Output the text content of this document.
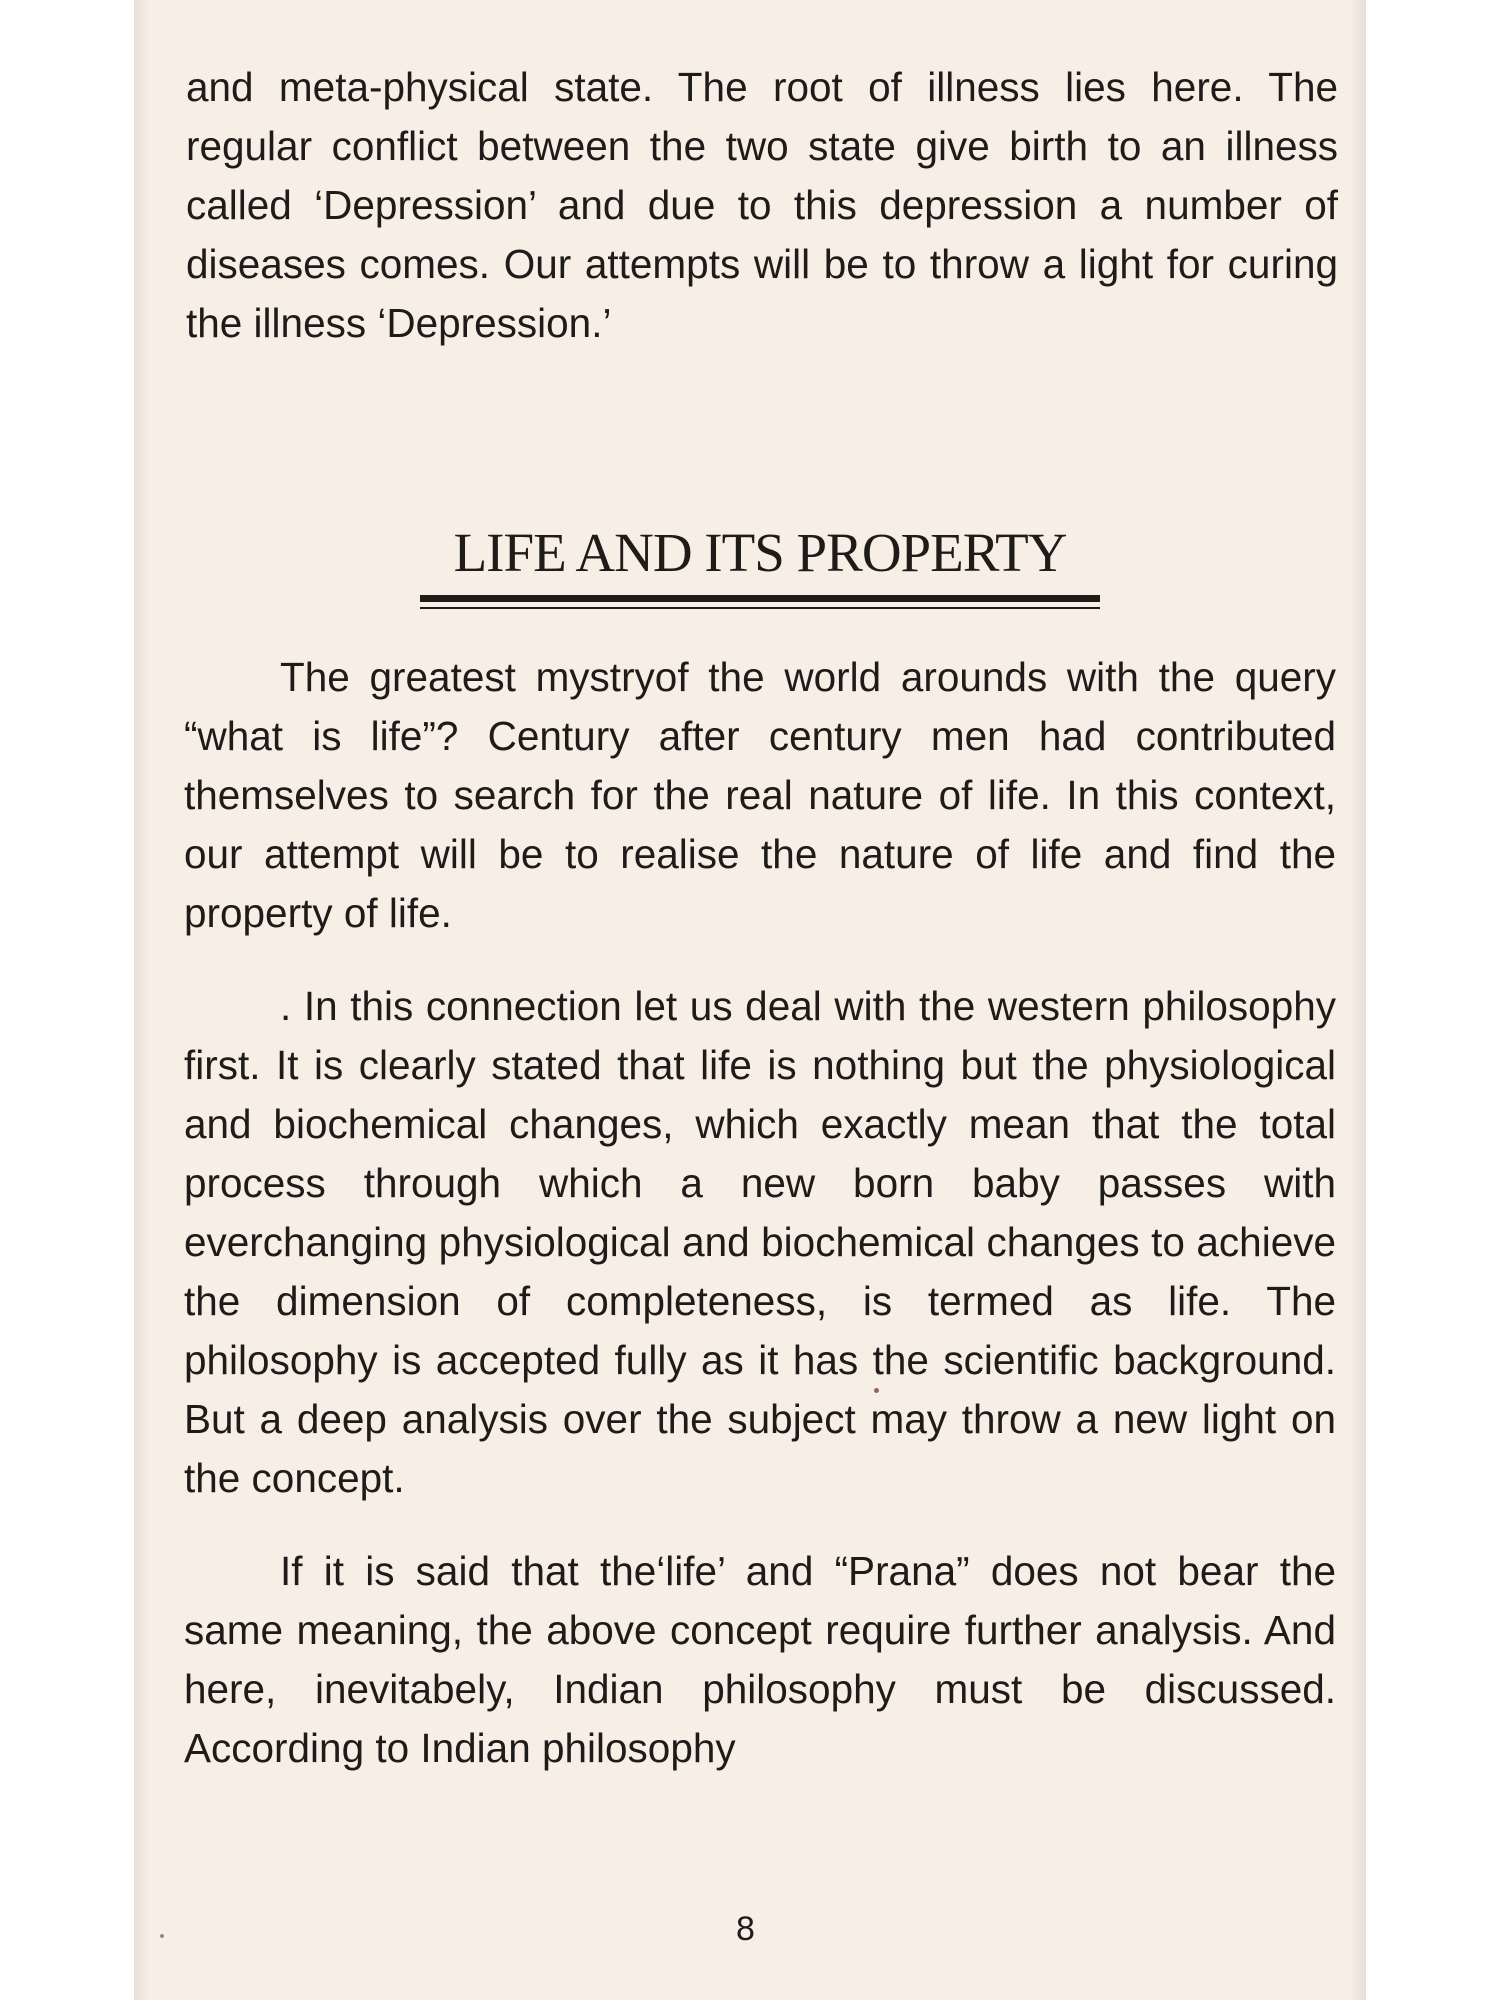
and meta-physical state. The root of illness lies here. The regular conflict between the two state give birth to an illness called ‘Depression’ and due to this depression a number of diseases comes. Our attempts will be to throw a light for curing the illness ‘Depression.’

LIFE AND ITS PROPERTY

The greatest mystryof the world arounds with the query “what is life”? Century after century men had contributed themselves to search for the real nature of life. In this context, our attempt will be to realise the nature of life and find the property of life.

. In this connection let us deal with the western philosophy first. It is clearly stated that life is nothing but the physiological and biochemical changes, which exactly mean that the total process through which a new born baby passes with everchanging physiological and biochemical changes to achieve the dimension of completeness, is termed as life. The philosophy is accepted fully as it has the scientific background. But a deep analysis over the subject may throw a new light on the concept.

If it is said that the‘life’ and “Prana” does not bear the same meaning, the above concept require further analysis. And here, inevitabely, Indian philosophy must be discussed. According to Indian philosophy

8
